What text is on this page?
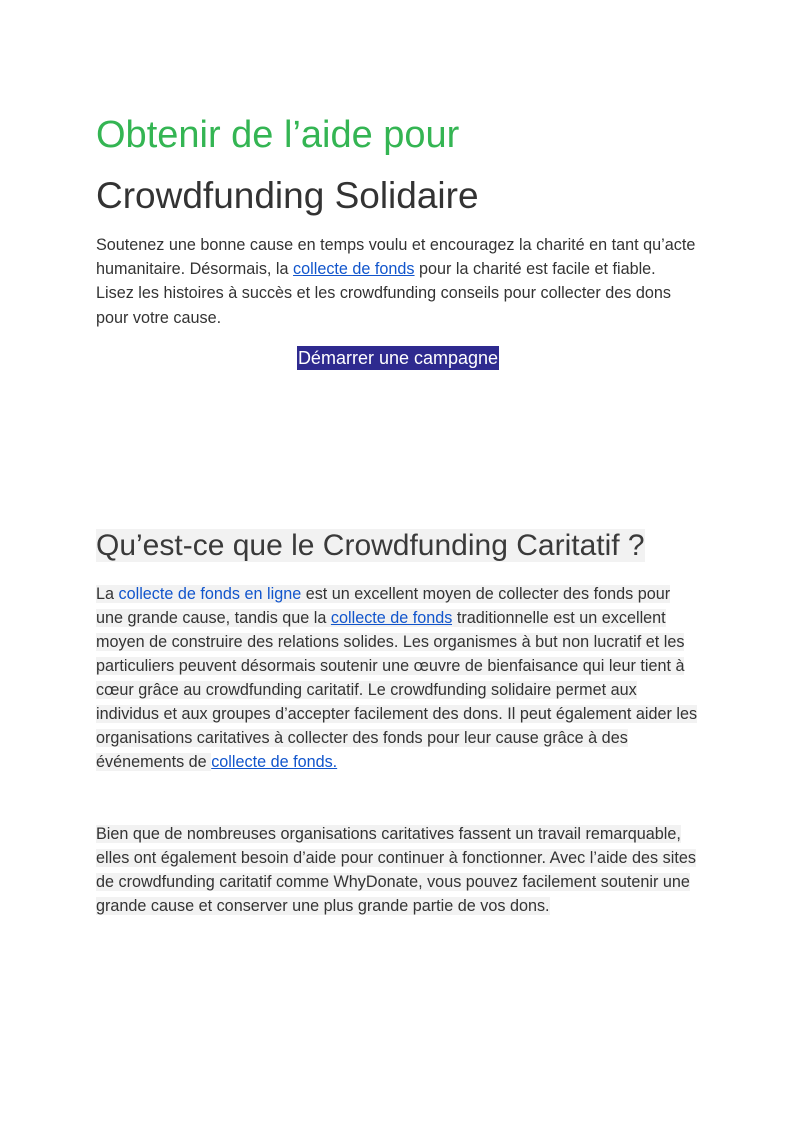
Obtenir de l’aide pour
Crowdfunding Solidaire

Soutenez une bonne cause en temps voulu et encouragez la charité en tant qu’acte humanitaire. Désormais, la collecte de fonds pour la charité est facile et fiable. Lisez les histoires à succès et les crowdfunding conseils pour collecter des dons pour votre cause.

Démarrer une campagne
Qu’est-ce que le Crowdfunding Caritatif ?

La collecte de fonds en ligne est un excellent moyen de collecter des fonds pour une grande cause, tandis que la collecte de fonds traditionnelle est un excellent moyen de construire des relations solides. Les organismes à but non lucratif et les particuliers peuvent désormais soutenir une œuvre de bienfaisance qui leur tient à cœur grâce au crowdfunding caritatif. Le crowdfunding solidaire permet aux individus et aux groupes d’accepter facilement des dons. Il peut également aider les organisations caritatives à collecter des fonds pour leur cause grâce à des événements de collecte de fonds.

Bien que de nombreuses organisations caritatives fassent un travail remarquable, elles ont également besoin d’aide pour continuer à fonctionner. Avec l’aide des sites de crowdfunding caritatif comme WhyDonate, vous pouvez facilement soutenir une grande cause et conserver une plus grande partie de vos dons.
